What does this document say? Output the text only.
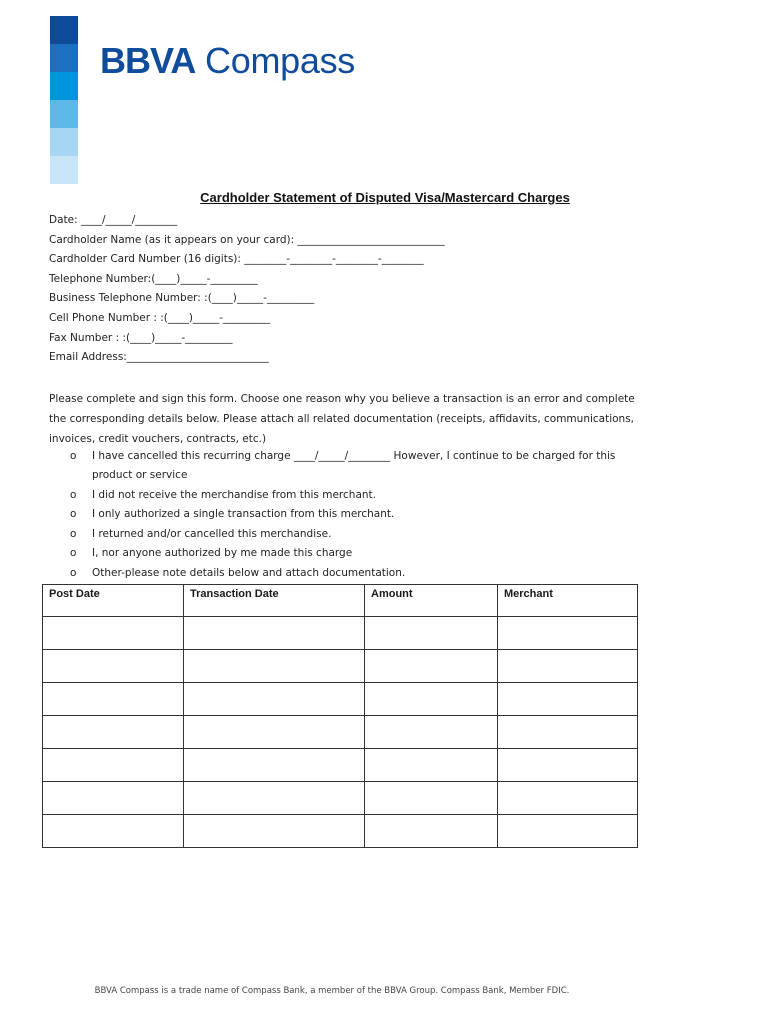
BBVA Compass
Cardholder Statement of Disputed Visa/Mastercard Charges
Date: ____/_____/________
Cardholder Name (as it appears on your card): ____________________________
Cardholder Card Number (16 digits): ________-________-________-________
Telephone Number:(____)_____-_________
Business Telephone Number: :(____)_____-_________
Cell Phone Number : :(____)_____-_________
Fax Number : :(____)_____-_________
Email Address:___________________________
Please complete and sign this form. Choose one reason why you believe a transaction is an error and complete the corresponding details below. Please attach all related documentation (receipts, affidavits, communications, invoices, credit vouchers, contracts, etc.)
o I have cancelled this recurring charge ____/_____/________ However, I continue to be charged for this
product or service
o I did not receive the merchandise from this merchant.
o I only authorized a single transaction from this merchant.
o I returned and/or cancelled this merchandise.
o I, nor anyone authorized by me made this charge
o Other-please note details below and attach documentation.
Post Date	Transaction Date	Amount	Merchant

BBVA Compass is a trade name of Compass Bank, a member of the BBVA Group. Compass Bank, Member FDIC.
